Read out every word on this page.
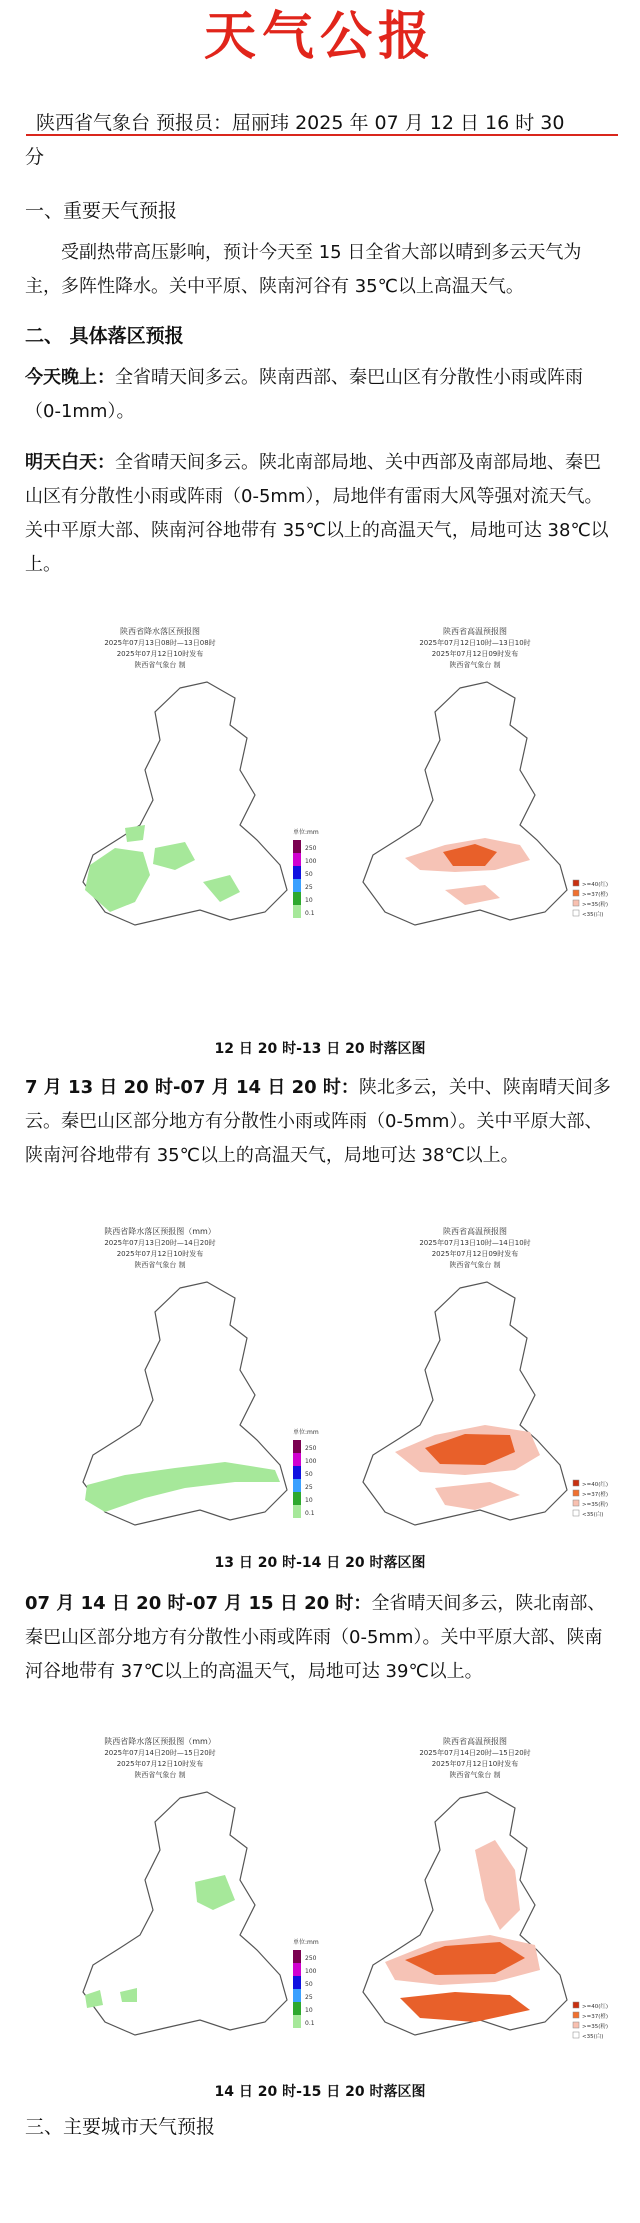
天气公报
陕西省气象台 预报员：屈丽玮 2025 年 07 月 12 日 16 时 30
分
一、重要天气预报
受副热带高压影响，预计今天至 15 日全省大部以晴到多云天气为主，多阵性降水。关中平原、陕南河谷有 35℃以上高温天气。
二、 具体落区预报
今天晚上：全省晴天间多云。陕南西部、秦巴山区有分散性小雨或阵雨（0-1mm）。
明天白天：全省晴天间多云。陕北南部局地、关中西部及南部局地、秦巴山区有分散性小雨或阵雨（0-5mm），局地伴有雷雨大风等强对流天气。关中平原大部、陕南河谷地带有 35℃以上的高温天气，局地可达 38℃以上。
陕西省降水落区预报图
2025年07月13日08时—13日08时
2025年07月12日10时发布
陕西省气象台 制
单位:mm
250
100
50
25
10
0.1
陕西省高温预报图
2025年07月12日10时—13日10时
2025年07月12日09时发布
陕西省气象台 制
>=40(红)
>=37(橙)
>=35(粉)
<35(白)
12 日 20 时-13 日 20 时落区图
7 月 13 日 20 时-07 月 14 日 20 时：陕北多云，关中、陕南晴天间多云。秦巴山区部分地方有分散性小雨或阵雨（0-5mm）。关中平原大部、陕南河谷地带有 35℃以上的高温天气，局地可达 38℃以上。
陕西省降水落区预报图（mm）
2025年07月13日20时—14日20时
2025年07月12日10时发布
陕西省气象台 制
单位:mm
250
100
50
25
10
0.1
陕西省高温预报图
2025年07月13日10时—14日10时
2025年07月12日09时发布
陕西省气象台 制
>=40(红)
>=37(橙)
>=35(粉)
<35(白)
13 日 20 时-14 日 20 时落区图
07 月 14 日 20 时-07 月 15 日 20 时：全省晴天间多云，陕北南部、秦巴山区部分地方有分散性小雨或阵雨（0-5mm）。关中平原大部、陕南河谷地带有 37℃以上的高温天气，局地可达 39℃以上。
陕西省降水落区预报图（mm）
2025年07月14日20时—15日20时
2025年07月12日10时发布
陕西省气象台 制
单位:mm
250
100
50
25
10
0.1
陕西省高温预报图
2025年07月14日20时—15日20时
2025年07月12日10时发布
陕西省气象台 制
>=40(红)
>=37(橙)
>=35(粉)
<35(白)
14 日 20 时-15 日 20 时落区图
三、主要城市天气预报
